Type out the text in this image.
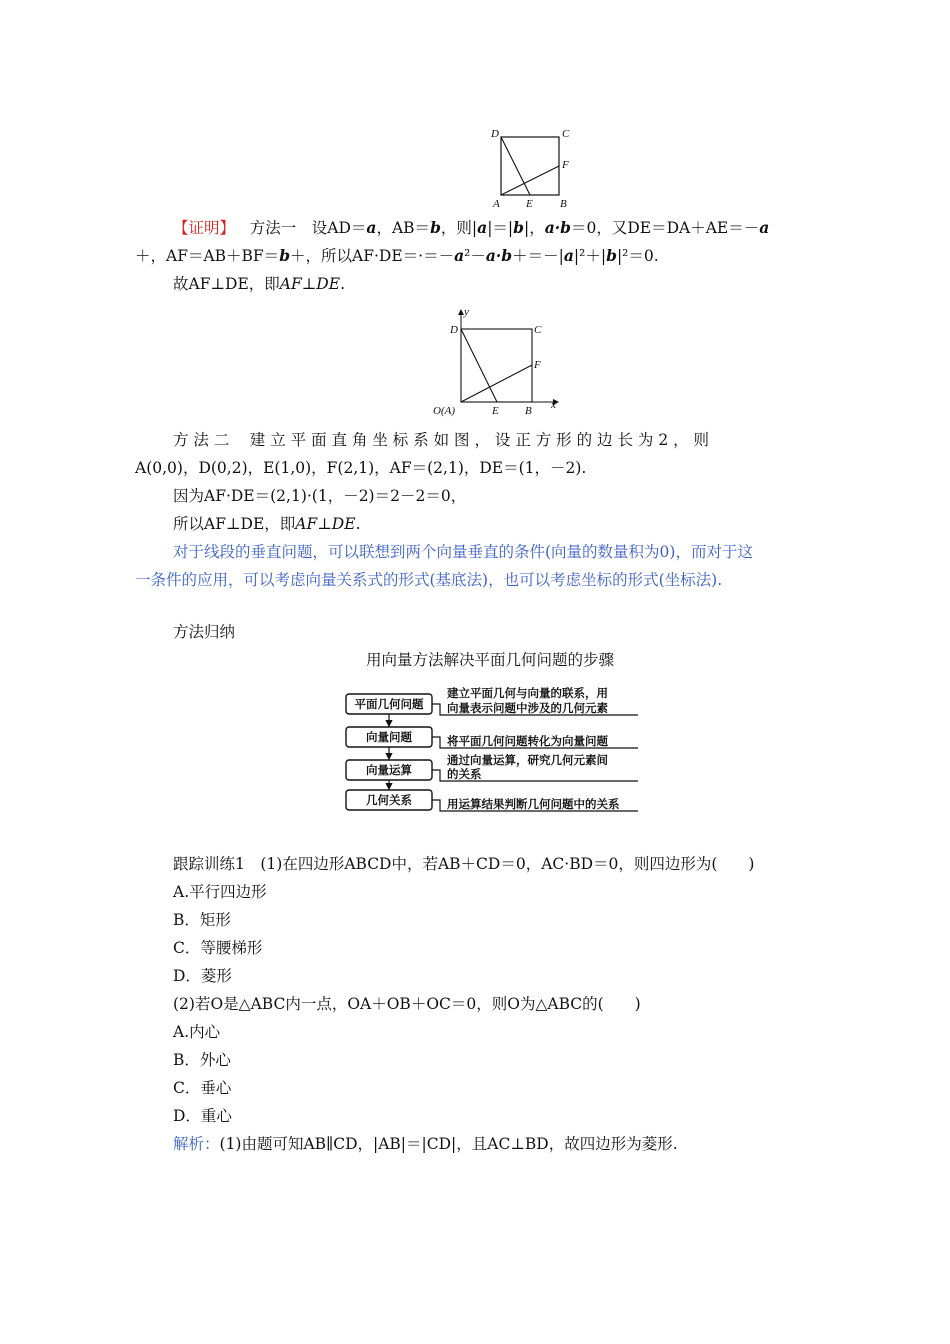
D	C
F
A E B
【证明】 方法一　设AD＝a，AB＝b，则|a|＝|b|，a·b＝0，又DE＝DA＋AE＝－a
＋，AF＝AB＋BF＝b＋，所以AF·DE＝·＝－a²－a·b＋＝－|a|²＋|b|²＝0.
故AF⊥DE，即AF⊥DE.
y
x
D	C
F
O(A)	E B
方 法 二　 建 立 平 面 直 角 坐 标 系 如 图 ， 设 正 方 形 的 边 长 为 2 ， 则
A(0,0)，D(0,2)，E(1,0)，F(2,1)，AF＝(2,1)，DE＝(1，－2).
因为AF·DE＝(2,1)·(1，－2)＝2－2＝0，
所以AF⊥DE，即AF⊥DE.
对于线段的垂直问题，可以联想到两个向量垂直的条件(向量的数量积为0)，而对于这
一条件的应用，可以考虑向量关系式的形式(基底法)，也可以考虑坐标的形式(坐标法).
方法归纳
用向量方法解决平面几何问题的步骤
平面几何问题
向量问题
向量运算
几何关系
建立平面几何与向量的联系，用
向量表示问题中涉及的几何元素
将平面几何问题转化为向量问题
通过向量运算，研究几何元素间
的关系
用运算结果判断几何问题中的关系
跟踪训练1　(1)在四边形ABCD中，若AB＋CD＝0，AC·BD＝0，则四边形为(　　)
A.平行四边形
B．矩形
C．等腰梯形
D．菱形
(2)若O是△ABC内一点，OA＋OB＋OC＝0，则O为△ABC的(　　)
A.内心
B．外心
C．垂心
D．重心
解析：(1)由题可知AB∥CD，|AB|＝|CD|，且AC⊥BD，故四边形为菱形.
